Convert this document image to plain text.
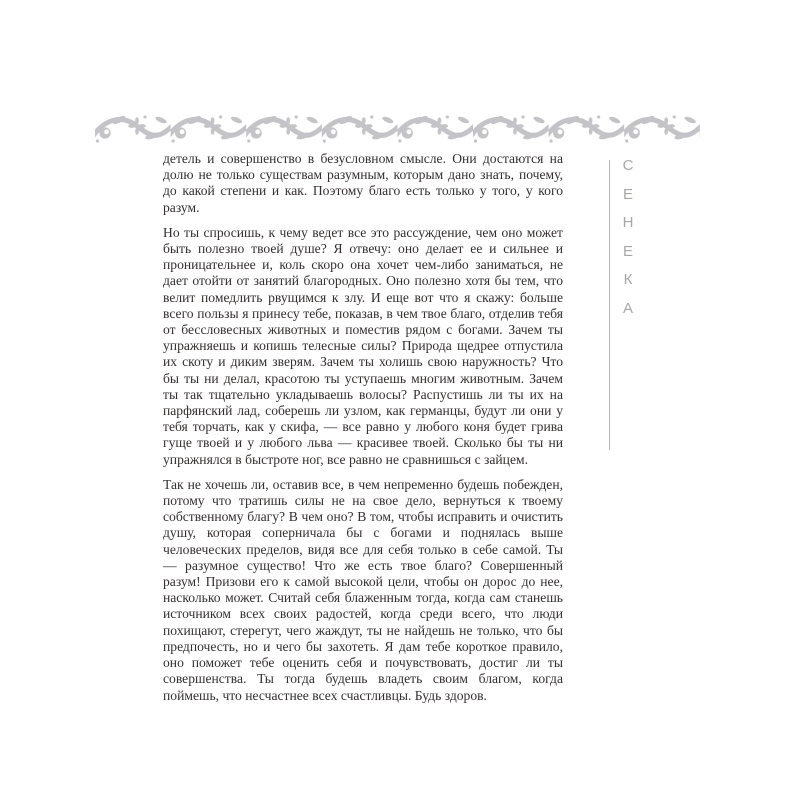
детель и совершенство в безусловном смысле. Они достаются на долю не только существам разумным, которым дано знать, почему, до какой степени и как. Поэтому благо есть только у того, у кого разум.

Но ты спросишь, к чему ведет все это рассуждение, чем оно может быть полезно твоей душе? Я отвечу: оно делает ее и сильнее и проницательнее и, коль скоро она хочет чем-либо заниматься, не дает отойти от занятий благородных. Оно полезно хотя бы тем, что велит помедлить рвущимся к злу. И еще вот что я скажу: больше всего пользы я принесу тебе, показав, в чем твое благо, отделив тебя от бессловесных животных и поместив рядом с богами. Зачем ты упражняешь и копишь телесные силы? Природа щедрее отпустила их скоту и диким зверям. Зачем ты холишь свою наружность? Что бы ты ни делал, красотою ты уступаешь многим животным. Зачем ты так тщательно укладываешь волосы? Распустишь ли ты их на парфянский лад, соберешь ли узлом, как германцы, будут ли они у тебя торчать, как у скифа, — все равно у любого коня будет грива гуще твоей и у любого льва — красивее твоей. Сколько бы ты ни упражнялся в быстроте ног, все равно не сравнишься с зайцем.

Так не хочешь ли, оставив все, в чем непременно будешь побежден, потому что тратишь силы не на свое дело, вернуться к твоему собственному благу? В чем оно? В том, чтобы исправить и очистить душу, которая соперничала бы с богами и поднялась выше человеческих пределов, видя все для себя только в себе самой. Ты — разумное существо! Что же есть твое благо? Совершенный разум! Призови его к самой высокой цели, чтобы он дорос до нее, насколько может. Считай себя блаженным тогда, когда сам станешь источником всех своих радостей, когда среди всего, что люди похищают, стерегут, чего жаждут, ты не найдешь не только, что бы предпочесть, но и чего бы захотеть. Я дам тебе короткое правило, оно поможет тебе оценить себя и почувствовать, достиг ли ты совершенства. Ты тогда будешь владеть своим благом, когда поймешь, что несчастнее всех счастливцы. Будь здоров.

С
Е
Н
Е
К
А
